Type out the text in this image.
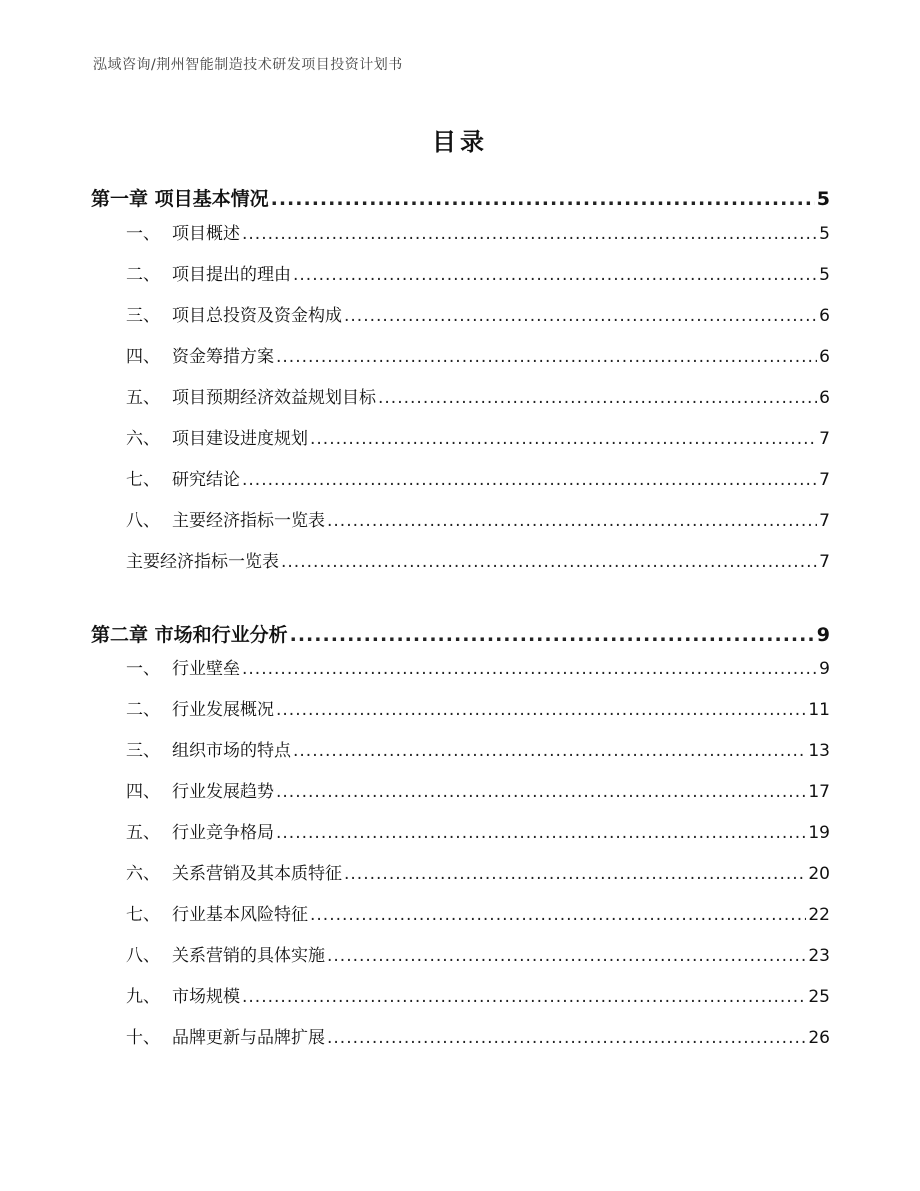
泓域咨询/荆州智能制造技术研发项目投资计划书
目录
第一章 项目基本情况 .....	5
一、 项目概述 .....	5
二、 项目提出的理由 .....	5
三、 项目总投资及资金构成 .....	6
四、 资金筹措方案 .....	6
五、 项目预期经济效益规划目标 .....	6
六、 项目建设进度规划 .....	7
七、 研究结论 .....	7
八、 主要经济指标一览表 .....	7
主要经济指标一览表 .....	7
第二章 市场和行业分析 .....	9
一、 行业壁垒 .....	9
二、 行业发展概况 .....	11
三、 组织市场的特点 .....	13
四、 行业发展趋势 .....	17
五、 行业竞争格局 .....	19
六、 关系营销及其本质特征 .....	20
七、 行业基本风险特征 .....	22
八、 关系营销的具体实施 .....	23
九、 市场规模 .....	25
十、 品牌更新与品牌扩展 .....	26
